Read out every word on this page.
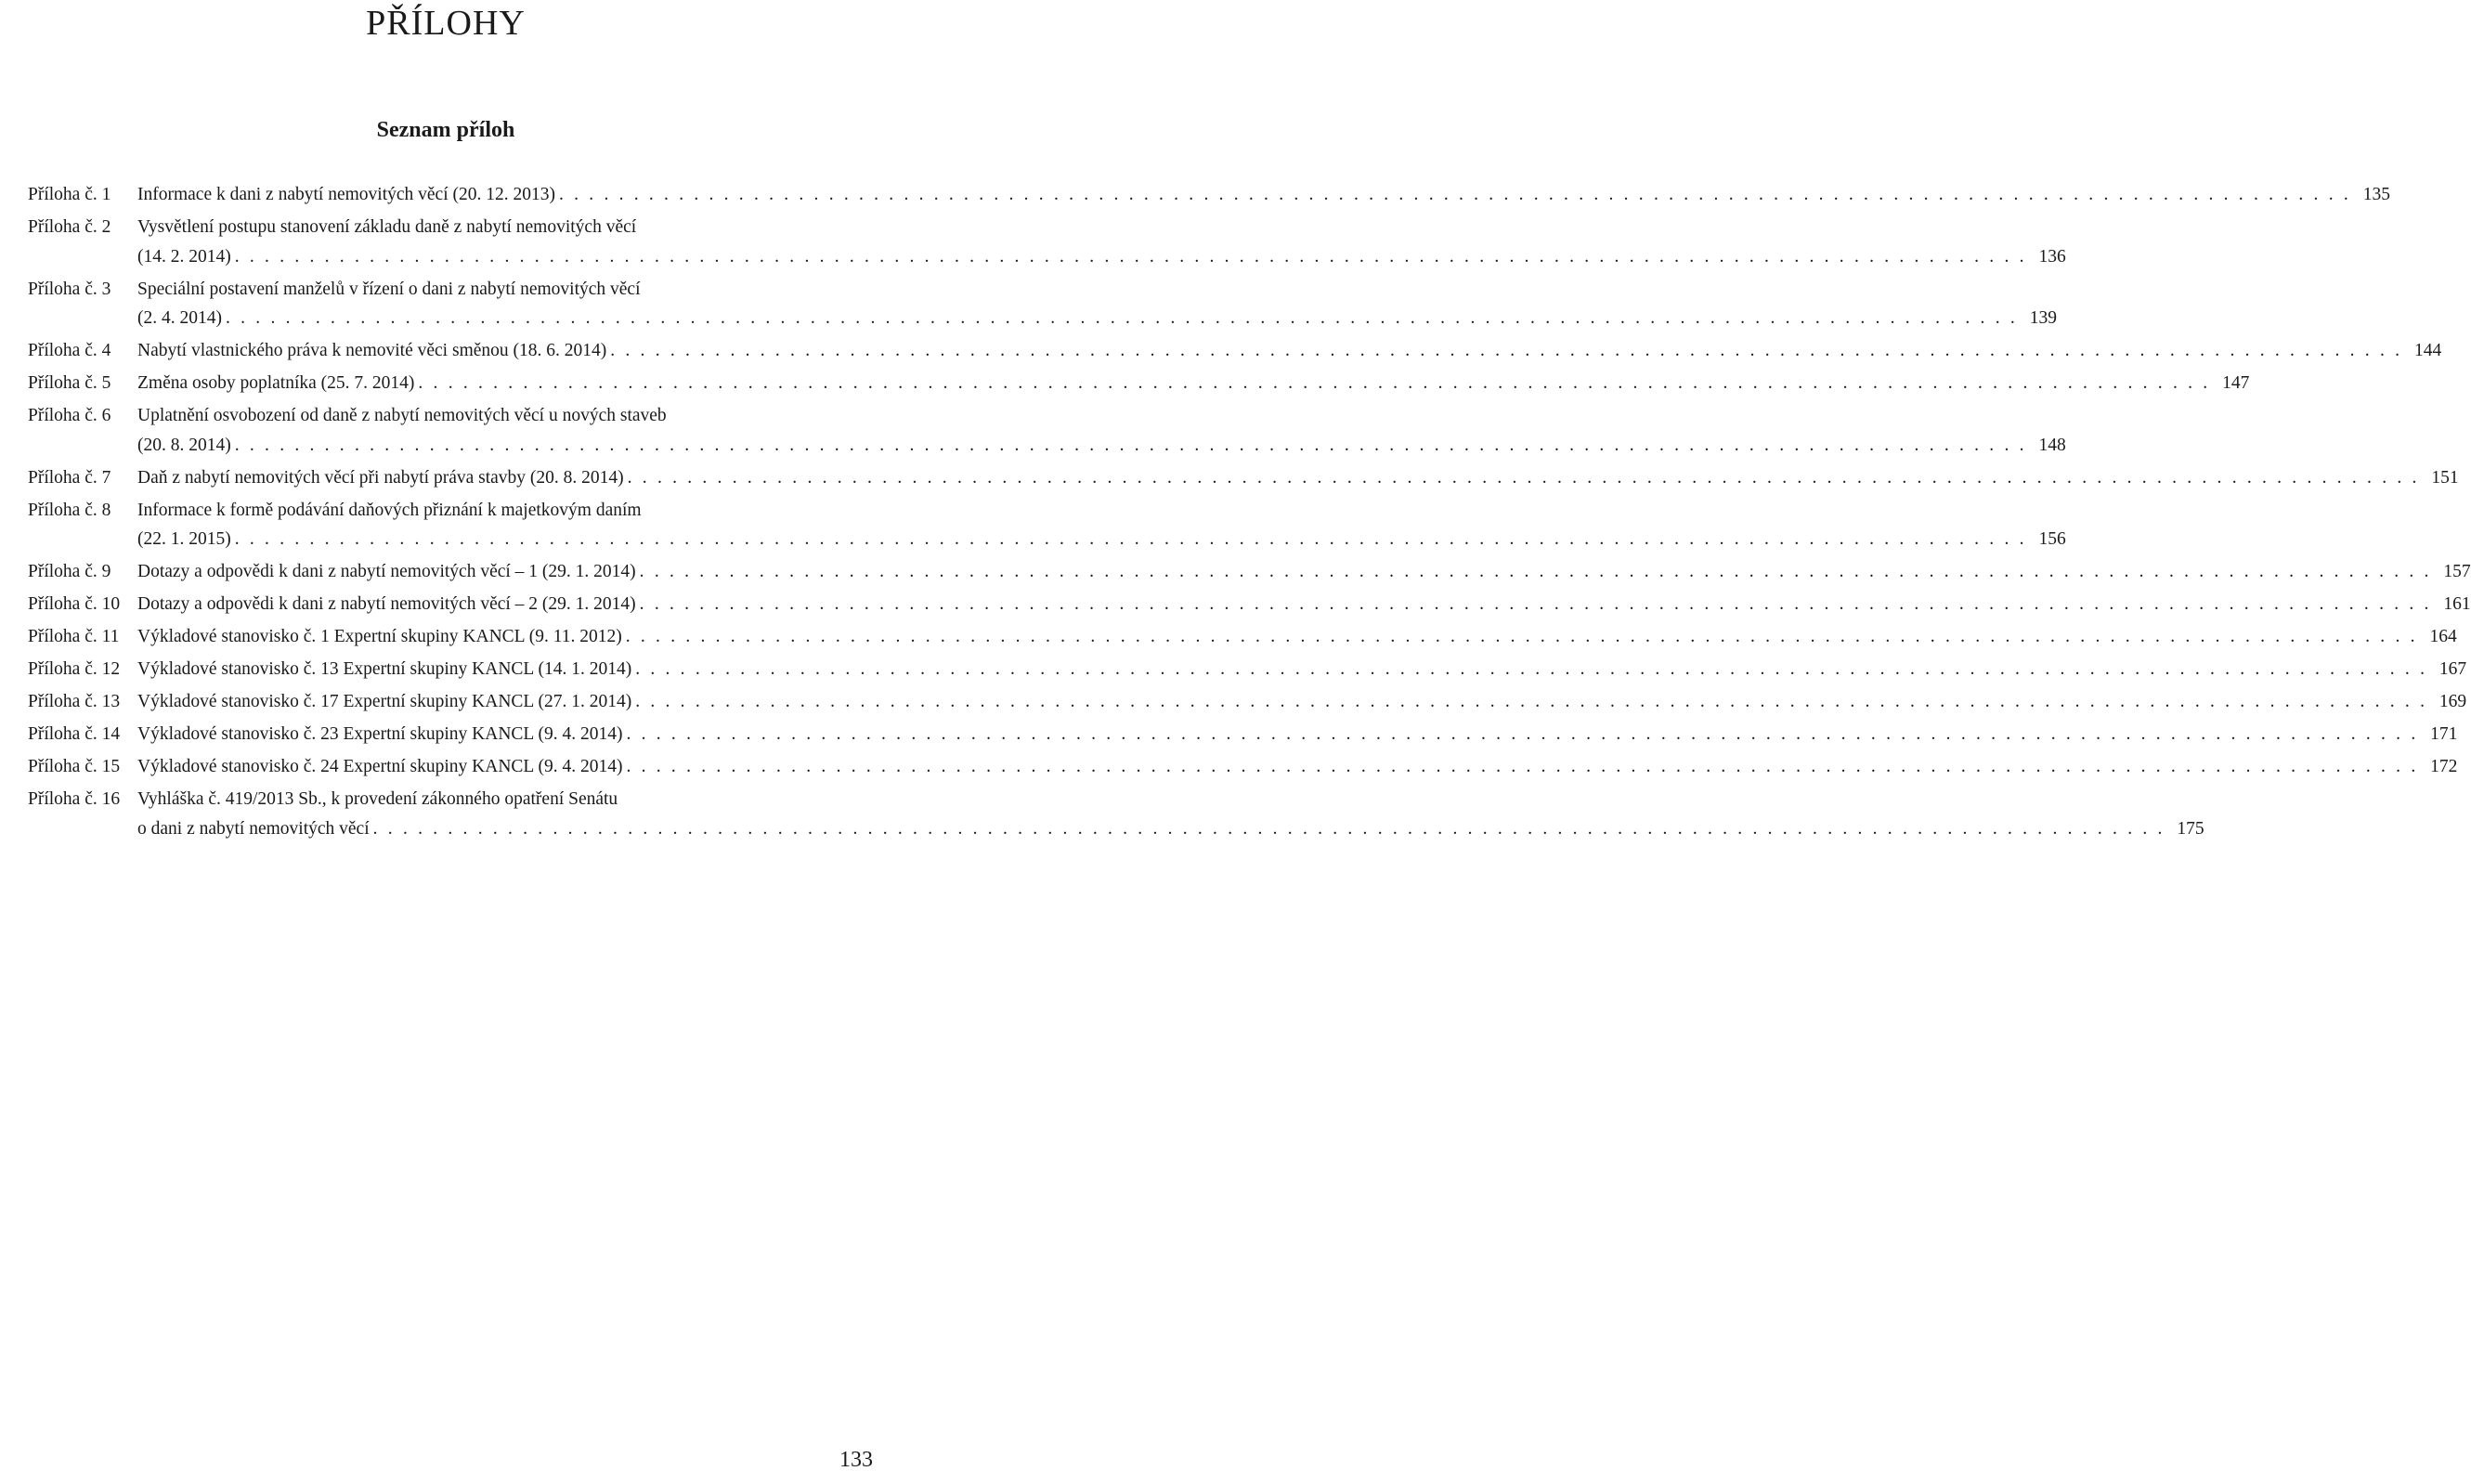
PŘÍLOHY
Seznam příloh
Příloha č. 1 Informace k dani z nabytí nemovitých věcí (20. 12. 2013) . . . . . . . . . . . . . . . . . . . . . . . . . . . . . . . . . . . . . . . . . . . . . . . . . . . . . . . . . . . . . . . . . . . . . . . . . . . . . . . . . . . . . . . . . . . . . . . . . . . . . . . . . . . . . . . . . . . . . . . . 135
Příloha č. 2 Vysvětlení postupu stanovení základu daně z nabytí nemovitých věcí
(14. 2. 2014) . . . . . . . . . . . . . . . . . . . . . . . . . . . . . . . . . . . . . . . . . . . . . . . . . . . . . . . . . . . . . . . . . . . . . . . . . . . . . . . . . . . . . . . . . . . . . . . . . . . . . . . . . . . . . . . . . . . . . . . . 136
Příloha č. 3 Speciální postavení manželů v řízení o dani z nabytí nemovitých věcí
(2. 4. 2014) . . . . . . . . . . . . . . . . . . . . . . . . . . . . . . . . . . . . . . . . . . . . . . . . . . . . . . . . . . . . . . . . . . . . . . . . . . . . . . . . . . . . . . . . . . . . . . . . . . . . . . . . . . . . . . . . . . . . . . . . 139
Příloha č. 4 Nabytí vlastnického práva k nemovité věci směnou (18. 6. 2014) . . . . . . . . . . . . . . . . . . . . . . . . . . . . . . . . . . . . . . . . . . . . . . . . . . . . . . . . . . . . . . . . . . . . . . . . . . . . . . . . . . . . . . . . . . . . . . . . . . . . . . . . . . . . . . . . . . . . . . . . 144
Příloha č. 5 Změna osoby poplatníka (25. 7. 2014) . . . . . . . . . . . . . . . . . . . . . . . . . . . . . . . . . . . . . . . . . . . . . . . . . . . . . . . . . . . . . . . . . . . . . . . . . . . . . . . . . . . . . . . . . . . . . . . . . . . . . . . . . . . . . . . . . . . . . . . . 147
Příloha č. 6 Uplatnění osvobození od daně z nabytí nemovitých věcí u nových staveb
(20. 8. 2014) . . . . . . . . . . . . . . . . . . . . . . . . . . . . . . . . . . . . . . . . . . . . . . . . . . . . . . . . . . . . . . . . . . . . . . . . . . . . . . . . . . . . . . . . . . . . . . . . . . . . . . . . . . . . . . . . . . . . . . . . 148
Příloha č. 7 Daň z nabytí nemovitých věcí při nabytí práva stavby (20. 8. 2014) . . . . . . . . . . . . . . . . . . . . . . . . . . . . . . . . . . . . . . . . . . . . . . . . . . . . . . . . . . . . . . . . . . . . . . . . . . . . . . . . . . . . . . . . . . . . . . . . . . . . . . . . . . . . . . . . . . . . . . . . 151
Příloha č. 8 Informace k formě podávání daňových přiznání k majetkovým daním
(22. 1. 2015) . . . . . . . . . . . . . . . . . . . . . . . . . . . . . . . . . . . . . . . . . . . . . . . . . . . . . . . . . . . . . . . . . . . . . . . . . . . . . . . . . . . . . . . . . . . . . . . . . . . . . . . . . . . . . . . . . . . . . . . . 156
Příloha č. 9 Dotazy a odpovědi k dani z nabytí nemovitých věcí – 1 (29. 1. 2014) . . . . . . . . . . . . . . . . . . . . . . . . . . . . . . . . . . . . . . . . . . . . . . . . . . . . . . . . . . . . . . . . . . . . . . . . . . . . . . . . . . . . . . . . . . . . . . . . . . . . . . . . . . . . . . . . . . . . . . . . 157
Příloha č. 10 Dotazy a odpovědi k dani z nabytí nemovitých věcí – 2 (29. 1. 2014) . . . . . . . . . . . . . . . . . . . . . . . . . . . . . . . . . . . . . . . . . . . . . . . . . . . . . . . . . . . . . . . . . . . . . . . . . . . . . . . . . . . . . . . . . . . . . . . . . . . . . . . . . . . . . . . . . . . . . . . . 161
Příloha č. 11 Výkladové stanovisko č. 1 Expertní skupiny KANCL (9. 11. 2012) . . . . . . . . . . . . . . . . . . . . . . . . . . . . . . . . . . . . . . . . . . . . . . . . . . . . . . . . . . . . . . . . . . . . . . . . . . . . . . . . . . . . . . . . . . . . . . . . . . . . . . . . . . . . . . . . . . . . . . . . 164
Příloha č. 12 Výkladové stanovisko č. 13 Expertní skupiny KANCL (14. 1. 2014) . . . . . . . . . . . . . . . . . . . . . . . . . . . . . . . . . . . . . . . . . . . . . . . . . . . . . . . . . . . . . . . . . . . . . . . . . . . . . . . . . . . . . . . . . . . . . . . . . . . . . . . . . . . . . . . . . . . . . . . . 167
Příloha č. 13 Výkladové stanovisko č. 17 Expertní skupiny KANCL (27. 1. 2014) . . . . . . . . . . . . . . . . . . . . . . . . . . . . . . . . . . . . . . . . . . . . . . . . . . . . . . . . . . . . . . . . . . . . . . . . . . . . . . . . . . . . . . . . . . . . . . . . . . . . . . . . . . . . . . . . . . . . . . . . 169
Příloha č. 14 Výkladové stanovisko č. 23 Expertní skupiny KANCL (9. 4. 2014) . . . . . . . . . . . . . . . . . . . . . . . . . . . . . . . . . . . . . . . . . . . . . . . . . . . . . . . . . . . . . . . . . . . . . . . . . . . . . . . . . . . . . . . . . . . . . . . . . . . . . . . . . . . . . . . . . . . . . . . . 171
Příloha č. 15 Výkladové stanovisko č. 24 Expertní skupiny KANCL (9. 4. 2014) . . . . . . . . . . . . . . . . . . . . . . . . . . . . . . . . . . . . . . . . . . . . . . . . . . . . . . . . . . . . . . . . . . . . . . . . . . . . . . . . . . . . . . . . . . . . . . . . . . . . . . . . . . . . . . . . . . . . . . . . 172
Příloha č. 16 Vyhláška č. 419/2013 Sb., k provedení zákonného opatření Senátu
o dani z nabytí nemovitých věcí . . . . . . . . . . . . . . . . . . . . . . . . . . . . . . . . . . . . . . . . . . . . . . . . . . . . . . . . . . . . . . . . . . . . . . . . . . . . . . . . . . . . . . . . . . . . . . . . . . . . . . . . . . . . . . . . . . . . . . . . 175
133
